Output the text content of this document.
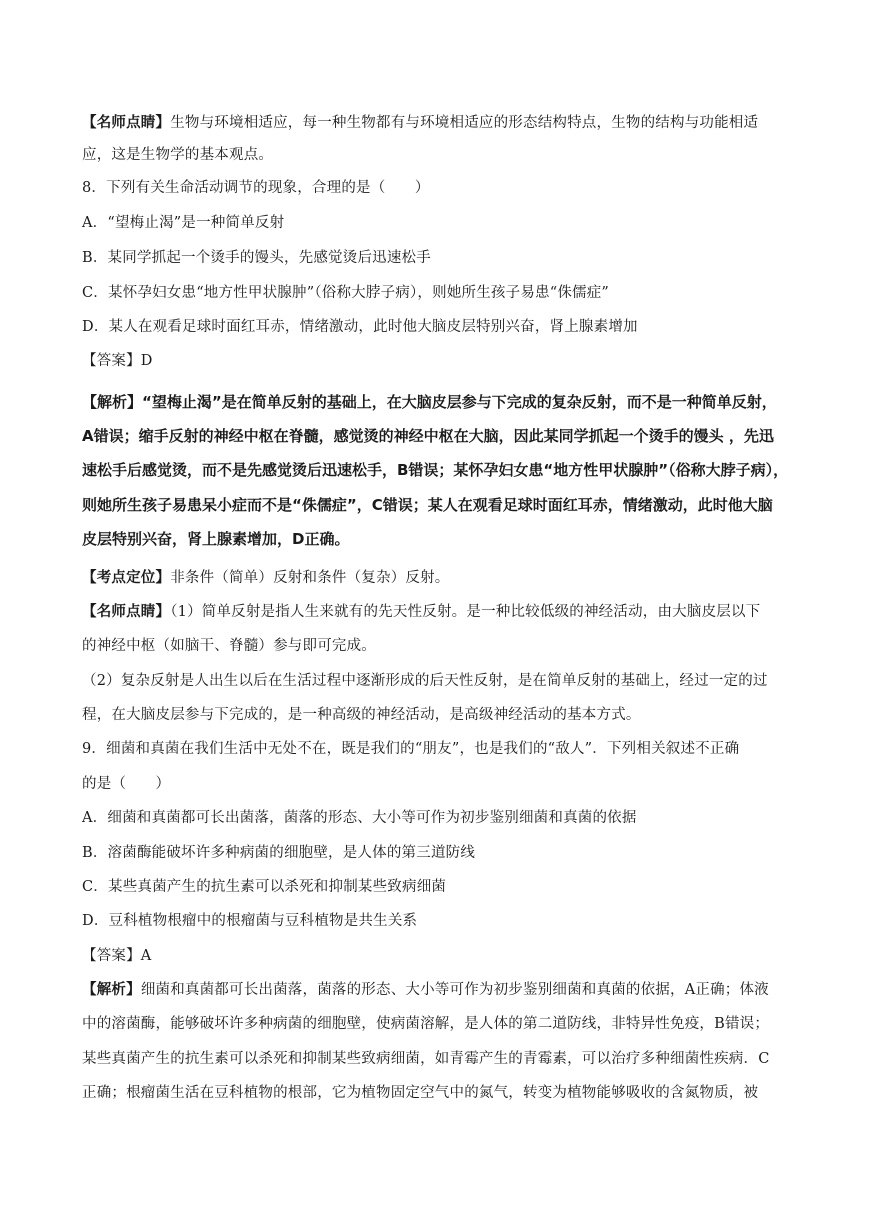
【名师点睛】生物与环境相适应，每一种生物都有与环境相适应的形态结构特点，生物的结构与功能相适
应，这是生物学的基本观点。
8．下列有关生命活动调节的现象，合理的是（　　）
A．“望梅止渴”是一种简单反射
B．某同学抓起一个烫手的馒头，先感觉烫后迅速松手
C．某怀孕妇女患“地方性甲状腺肿”（俗称大脖子病），则她所生孩子易患“侏儒症”
D．某人在观看足球时面红耳赤，情绪激动，此时他大脑皮层特别兴奋，肾上腺素增加
【答案】D
【解析】“望梅止渴”是在简单反射的基础上，在大脑皮层参与下完成的复杂反射，而不是一种简单反射，
A错误；缩手反射的神经中枢在脊髓，感觉烫的神经中枢在大脑，因此某同学抓起一个烫手的馒头 ，先迅
速松手后感觉烫，而不是先感觉烫后迅速松手，B错误；某怀孕妇女患“地方性甲状腺肿”（俗称大脖子病），
则她所生孩子易患呆小症而不是“侏儒症”，C错误；某人在观看足球时面红耳赤，情绪激动，此时他大脑
皮层特别兴奋，肾上腺素增加，D正确。
【考点定位】非条件（简单）反射和条件（复杂）反射。
【名师点睛】（1）简单反射是指人生来就有的先天性反射。是一种比较低级的神经活动，由大脑皮层以下
的神经中枢（如脑干、脊髓）参与即可完成。
（2）复杂反射是人出生以后在生活过程中逐渐形成的后天性反射，是在简单反射的基础上，经过一定的过
程，在大脑皮层参与下完成的，是一种高级的神经活动，是高级神经活动的基本方式。
9．细菌和真菌在我们生活中无处不在，既是我们的“朋友”，也是我们的“敌人”．下列相关叙述不正确
的是（　　）
A．细菌和真菌都可长出菌落，菌落的形态、大小等可作为初步鉴别细菌和真菌的依据
B．溶菌酶能破坏许多种病菌的细胞壁，是人体的第三道防线
C．某些真菌产生的抗生素可以杀死和抑制某些致病细菌
D．豆科植物根瘤中的根瘤菌与豆科植物是共生关系
【答案】A
【解析】细菌和真菌都可长出菌落，菌落的形态、大小等可作为初步鉴别细菌和真菌的依据，A正确；体液
中的溶菌酶，能够破坏许多种病菌的细胞壁，使病菌溶解，是人体的第二道防线，非特异性免疫，B错误；
某些真菌产生的抗生素可以杀死和抑制某些致病细菌，如青霉产生的青霉素，可以治疗多种细菌性疾病．C
正确；根瘤菌生活在豆科植物的根部，它为植物固定空气中的氮气，转变为植物能够吸收的含氮物质，被
